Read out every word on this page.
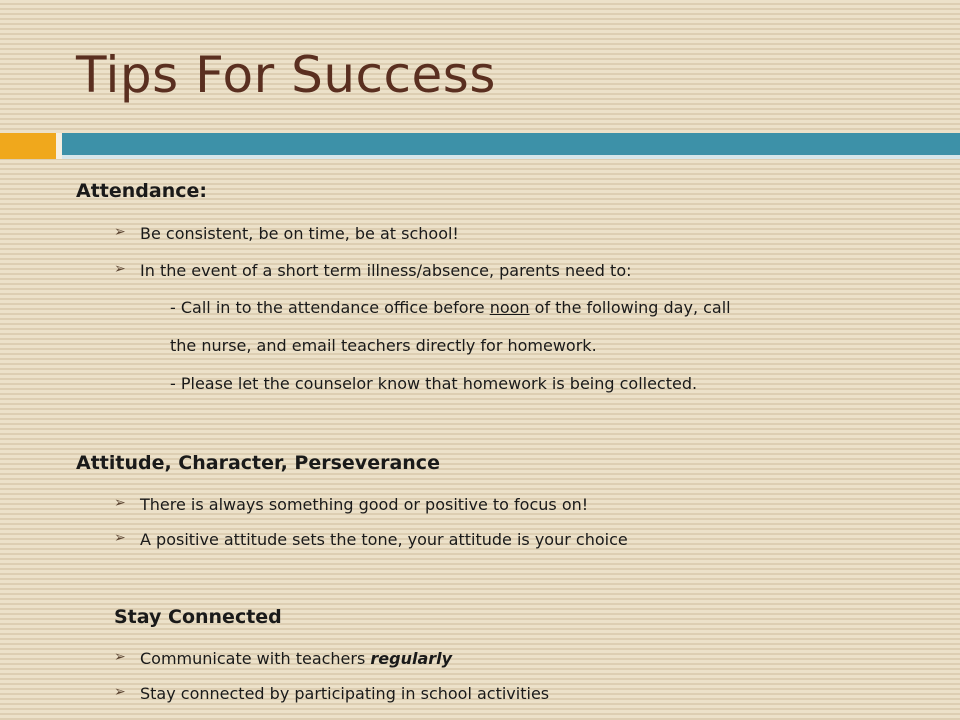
Tips For Success
Attendance:
➢ Be consistent, be on time, be at school!
➢ In the event of a short term illness/absence, parents need to:
- Call in to the attendance office before noon of the following day, call
the nurse, and email teachers directly for homework.
- Please let the counselor know that homework is being collected.
Attitude, Character, Perseverance
➢ There is always something good or positive to focus on!
➢ A positive attitude sets the tone, your attitude is your choice
Stay Connected
➢ Communicate with teachers regularly
➢ Stay connected by participating in school activities
